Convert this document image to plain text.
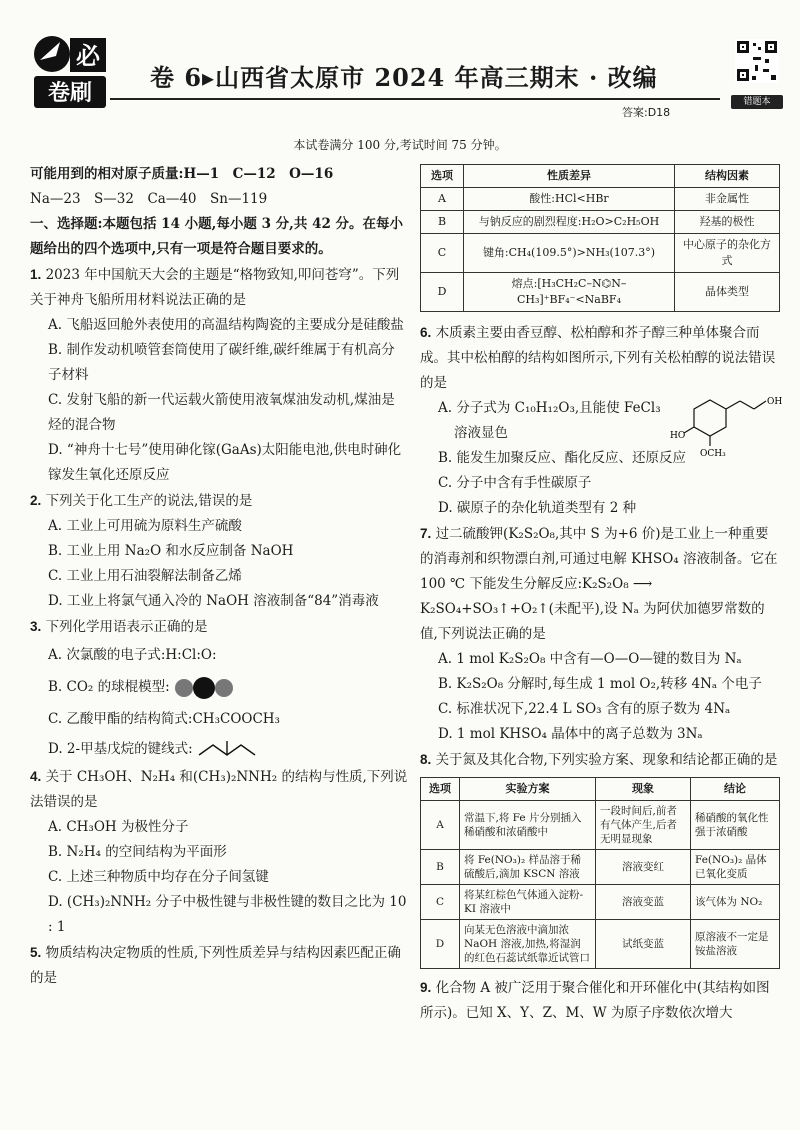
必
卷刷
卷 6▸山西省太原市 2024 年高三期末 · 改编
答案:D18
错题本
本试卷满分 100 分,考试时间 75 分钟。

可能用到的相对原子质量:H—1　C—12　O—16

Na—23　S—32　Ca—40　Sn—119

一、选择题:本题包括 14 小题,每小题 3 分,共 42 分。在每小题给出的四个选项中,只有一项是符合题目要求的。

1. 2023 年中国航天大会的主题是“格物致知,叩问苍穹”。下列关于神舟飞船所用材料说法正确的是

A. 飞船返回舱外表使用的高温结构陶瓷的主要成分是硅酸盐

B. 制作发动机喷管套筒使用了碳纤维,碳纤维属于有机高分子材料

C. 发射飞船的新一代运载火箭使用液氧煤油发动机,煤油是烃的混合物

D. “神舟十七号”使用砷化镓(GaAs)太阳能电池,供电时砷化镓发生氧化还原反应

2. 下列关于化工生产的说法,错误的是

A. 工业上可用硫为原料生产硫酸

B. 工业上用 Na₂O 和水反应制备 NaOH

C. 工业上用石油裂解法制备乙烯

D. 工业上将氯气通入冷的 NaOH 溶液制备“84”消毒液

3. 下列化学用语表示正确的是

A. 次氯酸的电子式:H:Cl:O:

B. CO₂ 的球棍模型:

C. 乙酸甲酯的结构简式:CH₃COOCH₃

D. 2-甲基戊烷的键线式:

4. 关于 CH₃OH、N₂H₄ 和(CH₃)₂NNH₂ 的结构与性质,下列说法错误的是

A. CH₃OH 为极性分子

B. N₂H₄ 的空间结构为平面形

C. 上述三种物质中均存在分子间氢键

D. (CH₃)₂NNH₂ 分子中极性键与非极性键的数目之比为 10 : 1

5. 物质结构决定物质的性质,下列性质差异与结构因素匹配正确的是

选项	性质差异	结构因素
A	酸性:HCl<HBr	非金属性
B	与钠反应的剧烈程度:H₂O>C₂H₅OH	羟基的极性
C	键角:CH₄(109.5°)>NH₃(107.3°)	中心原子的杂化方式
D	熔点:[H₃CH₂C–N⌬N–CH₃]⁺BF₄⁻<NaBF₄	晶体类型

6. 木质素主要由香豆醇、松柏醇和芥子醇三种单体聚合而成。其中松柏醇的结构如图所示,下列有关松柏醇的说法错误的是

A. 分子式为 C₁₀H₁₂O₃,且能使 FeCl₃

溶液显色

OH
HO
OCH₃

B. 能发生加聚反应、酯化反应、还原反应

C. 分子中含有手性碳原子

D. 碳原子的杂化轨道类型有 2 种

7. 过二硫酸钾(K₂S₂O₈,其中 S 为+6 价)是工业上一种重要的消毒剂和织物漂白剂,可通过电解 KHSO₄ 溶液制备。它在 100 ℃ 下能发生分解反应:K₂S₂O₈ ⟶ K₂SO₄+SO₃↑+O₂↑(未配平),设 Nₐ 为阿伏加德罗常数的值,下列说法正确的是

A. 1 mol K₂S₂O₈ 中含有—O—O—键的数目为 Nₐ

B. K₂S₂O₈ 分解时,每生成 1 mol O₂,转移 4Nₐ 个电子

C. 标准状况下,22.4 L SO₃ 含有的原子数为 4Nₐ

D. 1 mol KHSO₄ 晶体中的离子总数为 3Nₐ

8. 关于氮及其化合物,下列实验方案、现象和结论都正确的是

选项	实验方案	现象	结论
A	常温下,将 Fe 片分别插入稀硝酸和浓硝酸中	一段时间后,前者有气体产生,后者无明显现象	稀硝酸的氧化性强于浓硝酸
B	将 Fe(NO₃)₂ 样品溶于稀硫酸后,滴加 KSCN 溶液	溶液变红	Fe(NO₃)₂ 晶体已氧化变质
C	将某红棕色气体通入淀粉-KI 溶液中	溶液变蓝	该气体为 NO₂
D	向某无色溶液中滴加浓 NaOH 溶液,加热,将湿润的红色石蕊试纸靠近试管口	试纸变蓝	原溶液不一定是铵盐溶液

9. 化合物 A 被广泛用于聚合催化和开环催化中(其结构如图所示)。已知 X、Y、Z、M、W 为原子序数依次增大
